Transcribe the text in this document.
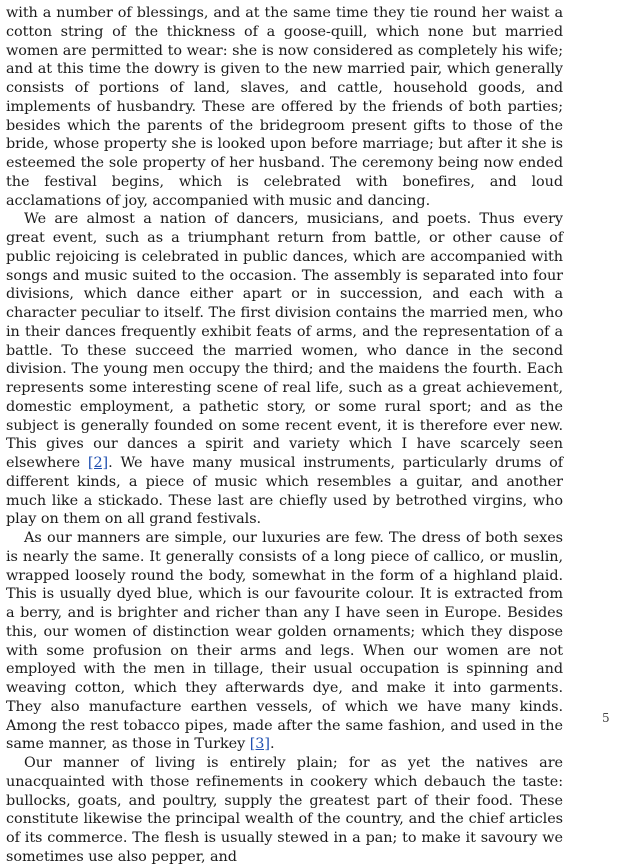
with a number of blessings, and at the same time they tie round her waist a cotton string of the thickness of a goose-quill, which none but married women are permitted to wear: she is now considered as completely his wife; and at this time the dowry is given to the new married pair, which generally consists of portions of land, slaves, and cattle, household goods, and implements of husbandry. These are offered by the friends of both parties; besides which the parents of the bridegroom present gifts to those of the bride, whose property she is looked upon before marriage; but after it she is esteemed the sole property of her husband. The ceremony being now ended the festival begins, which is celebrated with bonefires, and loud acclamations of joy, accompanied with music and dancing.

We are almost a nation of dancers, musicians, and poets. Thus every great event, such as a triumphant return from battle, or other cause of public rejoicing is celebrated in public dances, which are accompanied with songs and music suited to the occasion. The assembly is separated into four divisions, which dance either apart or in succession, and each with a character peculiar to itself. The first division contains the married men, who in their dances frequently exhibit feats of arms, and the representation of a battle. To these succeed the married women, who dance in the second division. The young men occupy the third; and the maidens the fourth. Each represents some interesting scene of real life, such as a great achievement, domestic employment, a pathetic story, or some rural sport; and as the subject is generally founded on some recent event, it is therefore ever new. This gives our dances a spirit and variety which I have scarcely seen elsewhere [2]. We have many musical instruments, particularly drums of different kinds, a piece of music which resembles a guitar, and another much like a stickado. These last are chiefly used by betrothed virgins, who play on them on all grand festivals.

As our manners are simple, our luxuries are few. The dress of both sexes is nearly the same. It generally consists of a long piece of callico, or muslin, wrapped loosely round the body, somewhat in the form of a highland plaid. This is usually dyed blue, which is our favourite colour. It is extracted from a berry, and is brighter and richer than any I have seen in Europe. Besides this, our women of distinction wear golden ornaments; which they dispose with some profusion on their arms and legs. When our women are not employed with the men in tillage, their usual occupation is spinning and weaving cotton, which they afterwards dye, and make it into garments. They also manufacture earthen vessels, of which we have many kinds. Among the rest tobacco pipes, made after the same fashion, and used in the same manner, as those in Turkey [3].

Our manner of living is entirely plain; for as yet the natives are unacquainted with those refinements in cookery which debauch the taste: bullocks, goats, and poultry, supply the greatest part of their food. These constitute likewise the principal wealth of the country, and the chief articles of its commerce. The flesh is usually stewed in a pan; to make it savoury we sometimes use also pepper, and

5
